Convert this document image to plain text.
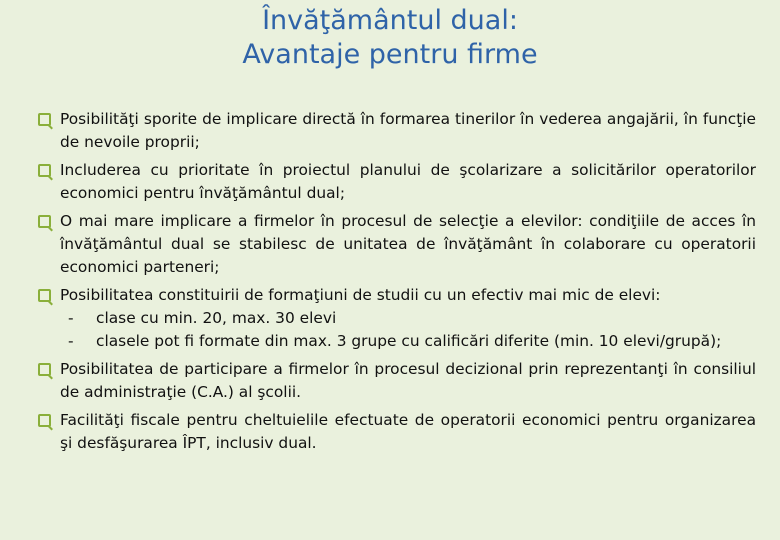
Învăţământul dual:
Avantaje pentru firme
Posibilităţi sporite de implicare directă în formarea tinerilor în vederea angajării, în funcţie de nevoile proprii;
Includerea cu prioritate în proiectul planului de şcolarizare a solicitărilor operatorilor economici pentru învăţământul dual;
O mai mare implicare a firmelor în procesul de selecţie a elevilor: condiţiile de acces în învăţământul dual se stabilesc de unitatea de învăţământ în colaborare cu operatorii economici parteneri;
Posibilitatea constituirii de formaţiuni de studii cu un efectiv mai mic de elevi:
- clase cu min. 20, max. 30 elevi
- clasele pot fi formate din max. 3 grupe cu calificări diferite (min. 10 elevi/grupă);
Posibilitatea de participare a firmelor în procesul decizional prin reprezentanţi în consiliul de administraţie (C.A.) al şcolii.
Facilităţi fiscale pentru cheltuielile efectuate de operatorii economici pentru organizarea şi desfăşurarea ÎPT, inclusiv dual.
